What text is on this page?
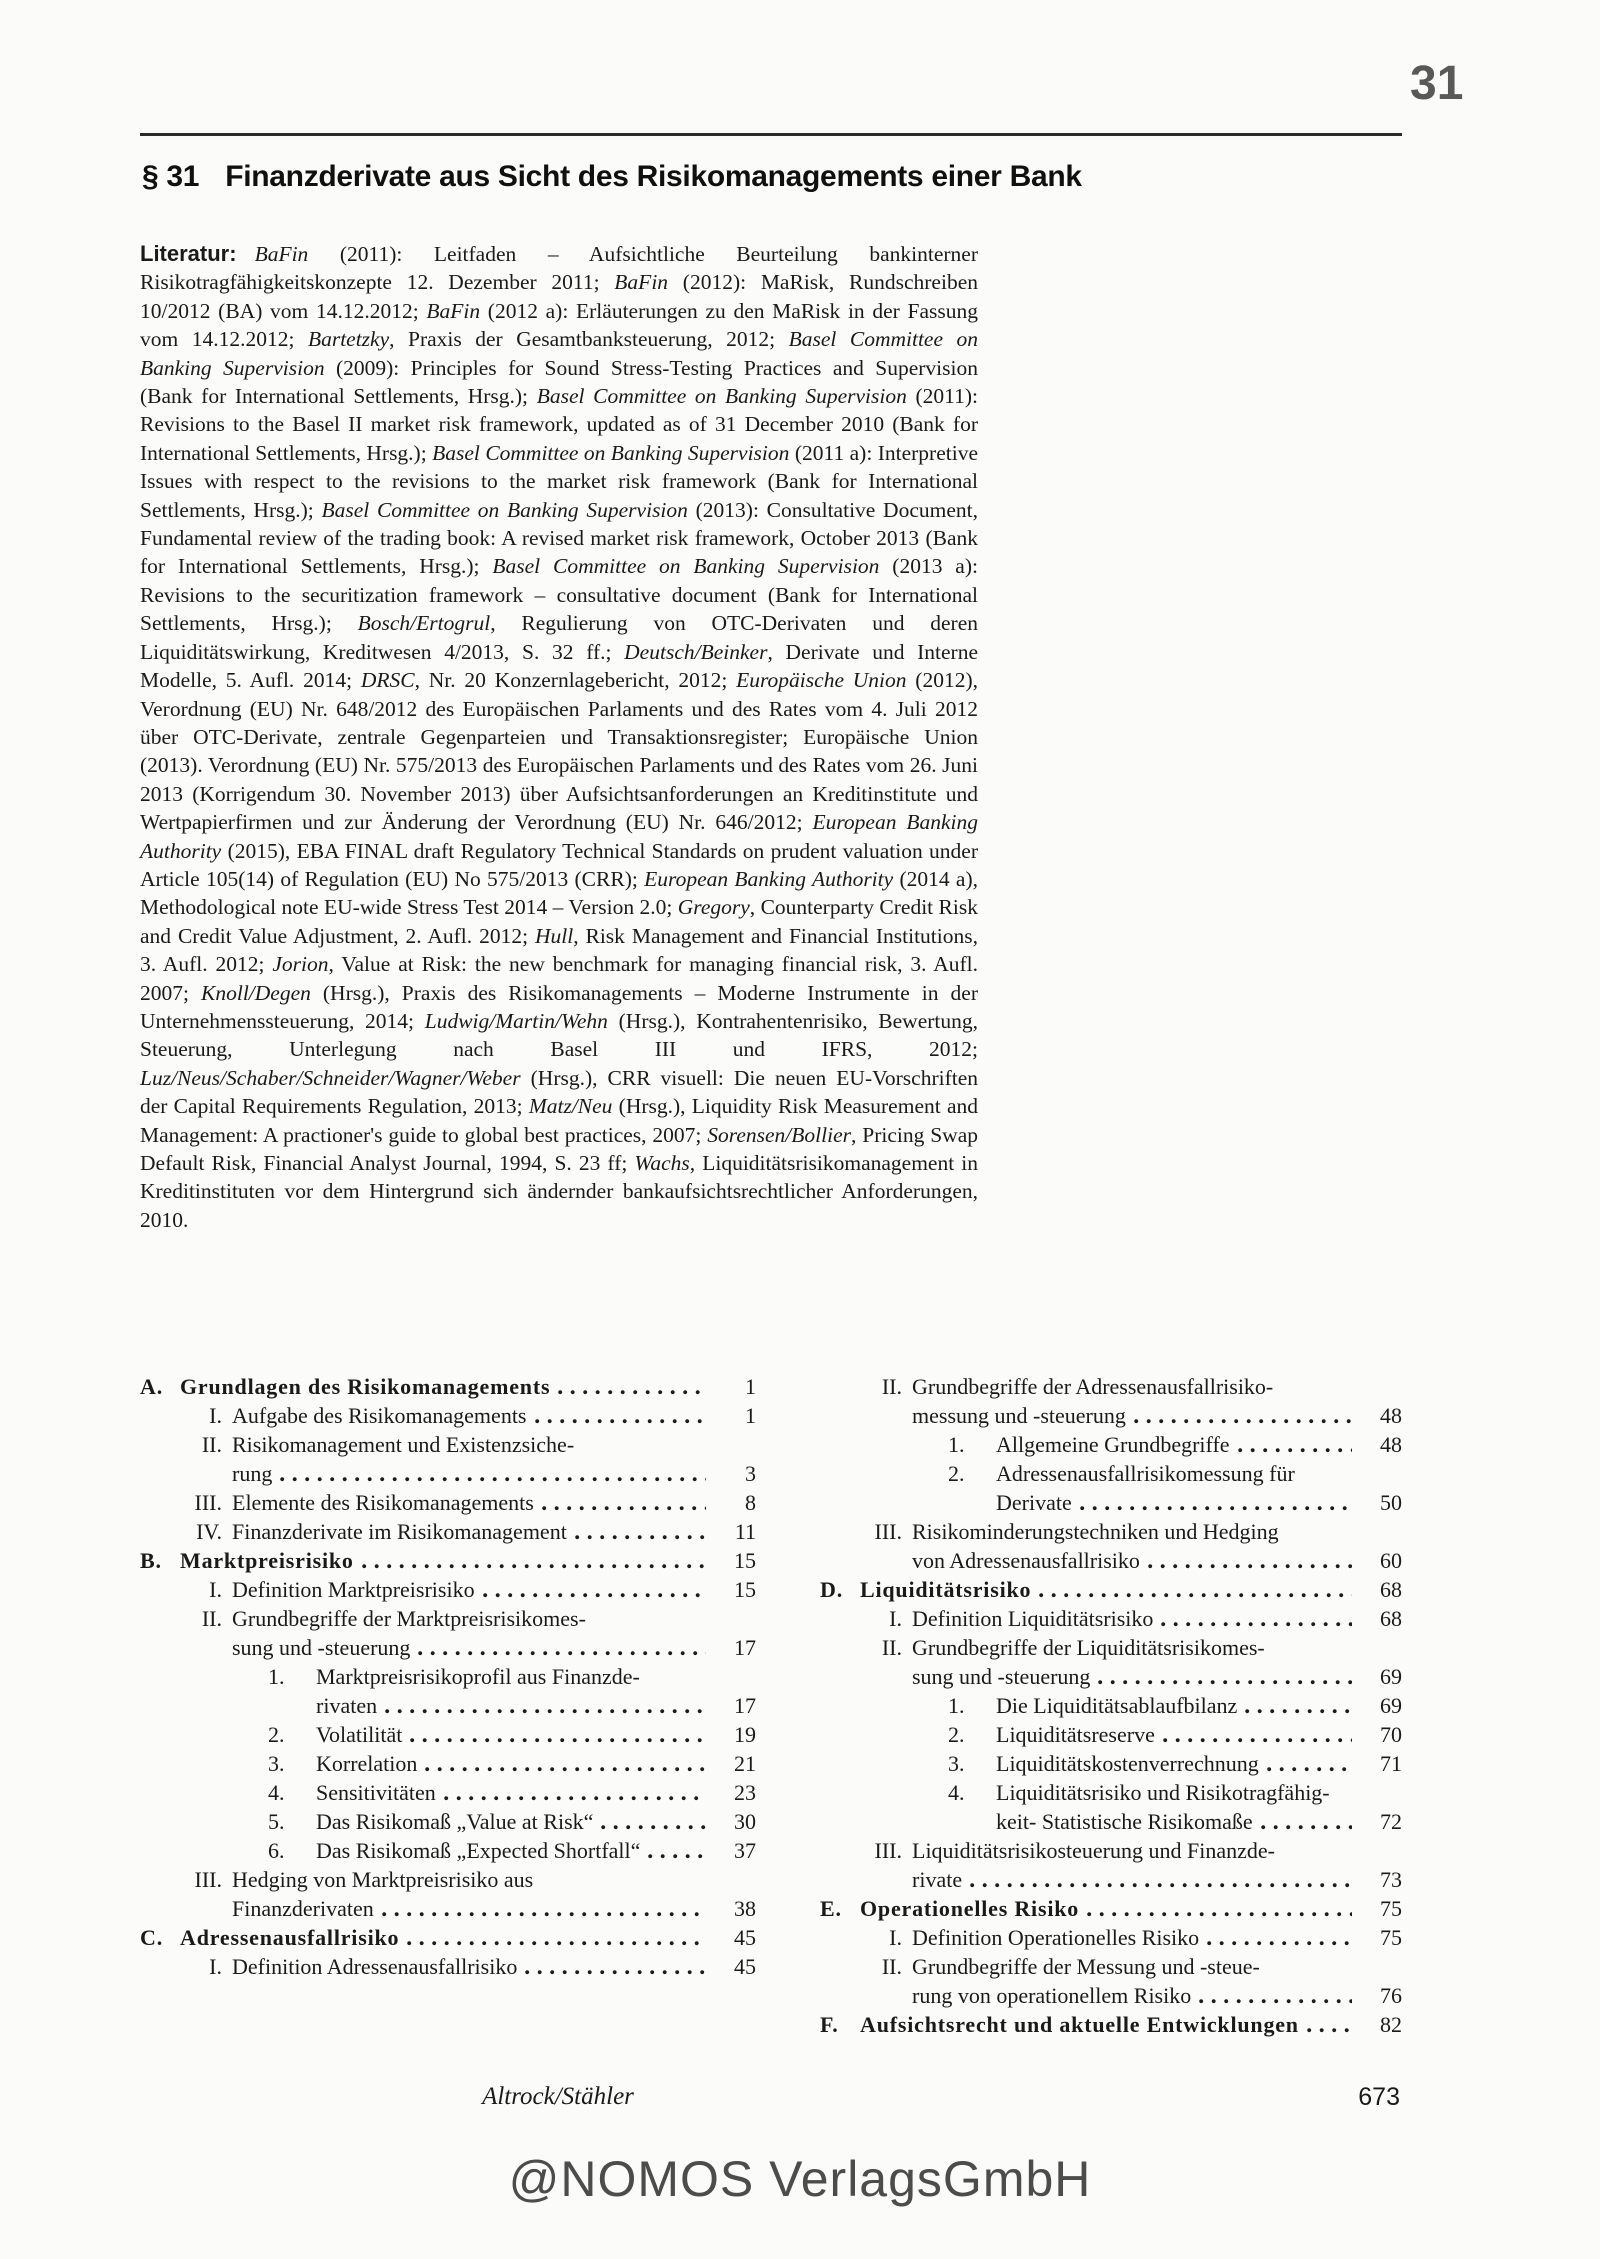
31
§ 31 Finanzderivate aus Sicht des Risikomanagements einer Bank

Literatur: BaFin (2011): Leitfaden – Aufsichtliche Beurteilung bankinterner Risikotragfähigkeitskonzepte 12. Dezember 2011; BaFin (2012): MaRisk, Rundschreiben 10/2012 (BA) vom 14.12.2012; BaFin (2012 a): Erläuterungen zu den MaRisk in der Fassung vom 14.12.2012; Bartetzky, Praxis der Gesamtbanksteuerung, 2012; Basel Committee on Banking Supervision (2009): Principles for Sound Stress-Testing Practices and Supervision (Bank for International Settlements, Hrsg.); Basel Committee on Banking Supervision (2011): Revisions to the Basel II market risk framework, updated as of 31 December 2010 (Bank for International Settlements, Hrsg.); Basel Committee on Banking Supervision (2011 a): Interpretive Issues with respect to the revisions to the market risk framework (Bank for International Settlements, Hrsg.); Basel Committee on Banking Supervision (2013): Consultative Document, Fundamental review of the trading book: A revised market risk framework, October 2013 (Bank for International Settlements, Hrsg.); Basel Committee on Banking Supervision (2013 a): Revisions to the securitization framework – consultative document (Bank for International Settlements, Hrsg.); Bosch/Ertogrul, Regulierung von OTC-Derivaten und deren Liquiditätswirkung, Kreditwesen 4/2013, S. 32 ff.; Deutsch/Beinker, Derivate und Interne Modelle, 5. Aufl. 2014; DRSC, Nr. 20 Konzernlagebericht, 2012; Europäische Union (2012), Verordnung (EU) Nr. 648/2012 des Europäischen Parlaments und des Rates vom 4. Juli 2012 über OTC-Derivate, zentrale Gegenparteien und Transaktionsregister; Europäische Union (2013). Verordnung (EU) Nr. 575/2013 des Europäischen Parlaments und des Rates vom 26. Juni 2013 (Korrigendum 30. November 2013) über Aufsichtsanforderungen an Kreditinstitute und Wertpapierfirmen und zur Änderung der Verordnung (EU) Nr. 646/2012; European Banking Authority (2015), EBA FINAL draft Regulatory Technical Standards on prudent valuation under Article 105(14) of Regulation (EU) No 575/2013 (CRR); European Banking Authority (2014 a), Methodological note EU-wide Stress Test 2014 – Version 2.0; Gregory, Counterparty Credit Risk and Credit Value Adjustment, 2. Aufl. 2012; Hull, Risk Management and Financial Institutions, 3. Aufl. 2012; Jorion, Value at Risk: the new benchmark for managing financial risk, 3. Aufl. 2007; Knoll/Degen (Hrsg.), Praxis des Risikomanagements – Moderne Instrumente in der Unternehmenssteuerung, 2014; Ludwig/Martin/Wehn (Hrsg.), Kontrahentenrisiko, Bewertung, Steuerung, Unterlegung nach Basel III und IFRS, 2012; Luz/Neus/Schaber/Schneider/Wagner/Weber (Hrsg.), CRR visuell: Die neuen EU-Vorschriften der Capital Requirements Regulation, 2013; Matz/Neu (Hrsg.), Liquidity Risk Measurement and Management: A practioner's guide to global best practices, 2007; Sorensen/Bollier, Pricing Swap Default Risk, Financial Analyst Journal, 1994, S. 23 ff; Wachs, Liquiditätsrisikomanagement in Kreditinstituten vor dem Hintergrund sich ändernder bankaufsichtsrechtlicher Anforderungen, 2010.

A. Grundlagen des Risikomanagements	1
I. Aufgabe des Risikomanagements	1
II. Risikomanagement und Existenzsiche-
rung	3
III. Elemente des Risikomanagements	8
IV. Finanzderivate im Risikomanagement	11
B. Marktpreisrisiko	15
I. Definition Marktpreisrisiko	15
II. Grundbegriffe der Marktpreisrisikomes-
sung und -steuerung	17
1.	Marktpreisrisikoprofil aus Finanzde-
rivaten	17
2.	Volatilität	19
3.	Korrelation	21
4.	Sensitivitäten	23
5.	Das Risikomaß „Value at Risk“	30
6.	Das Risikomaß „Expected Shortfall“	37
III. Hedging von Marktpreisrisiko aus
Finanzderivaten	38
C. Adressenausfallrisiko	45
I. Definition Adressenausfallrisiko	45
II. Grundbegriffe der Adressenausfallrisiko-
messung und -steuerung	48
1.	Allgemeine Grundbegriffe	48
2.	Adressenausfallrisikomessung für
Derivate	50
III. Risikominderungstechniken und Hedging
von Adressenausfallrisiko	60
D. Liquiditätsrisiko	68
I. Definition Liquiditätsrisiko	68
II. Grundbegriffe der Liquiditätsrisikomes-
sung und -steuerung	69
1.	Die Liquiditätsablaufbilanz	69
2.	Liquiditätsreserve	70
3.	Liquiditätskostenverrechnung	71
4.	Liquiditätsrisiko und Risikotragfähig-
keit- Statistische Risikomaße	72
III. Liquiditätsrisikosteuerung und Finanzde-
rivate	73
E. Operationelles Risiko	75
I. Definition Operationelles Risiko	75
II. Grundbegriffe der Messung und -steue-
rung von operationellem Risiko	76
F. Aufsichtsrecht und aktuelle Entwicklungen	82
Altrock/Stähler	673
@NOMOS VerlagsGmbH
